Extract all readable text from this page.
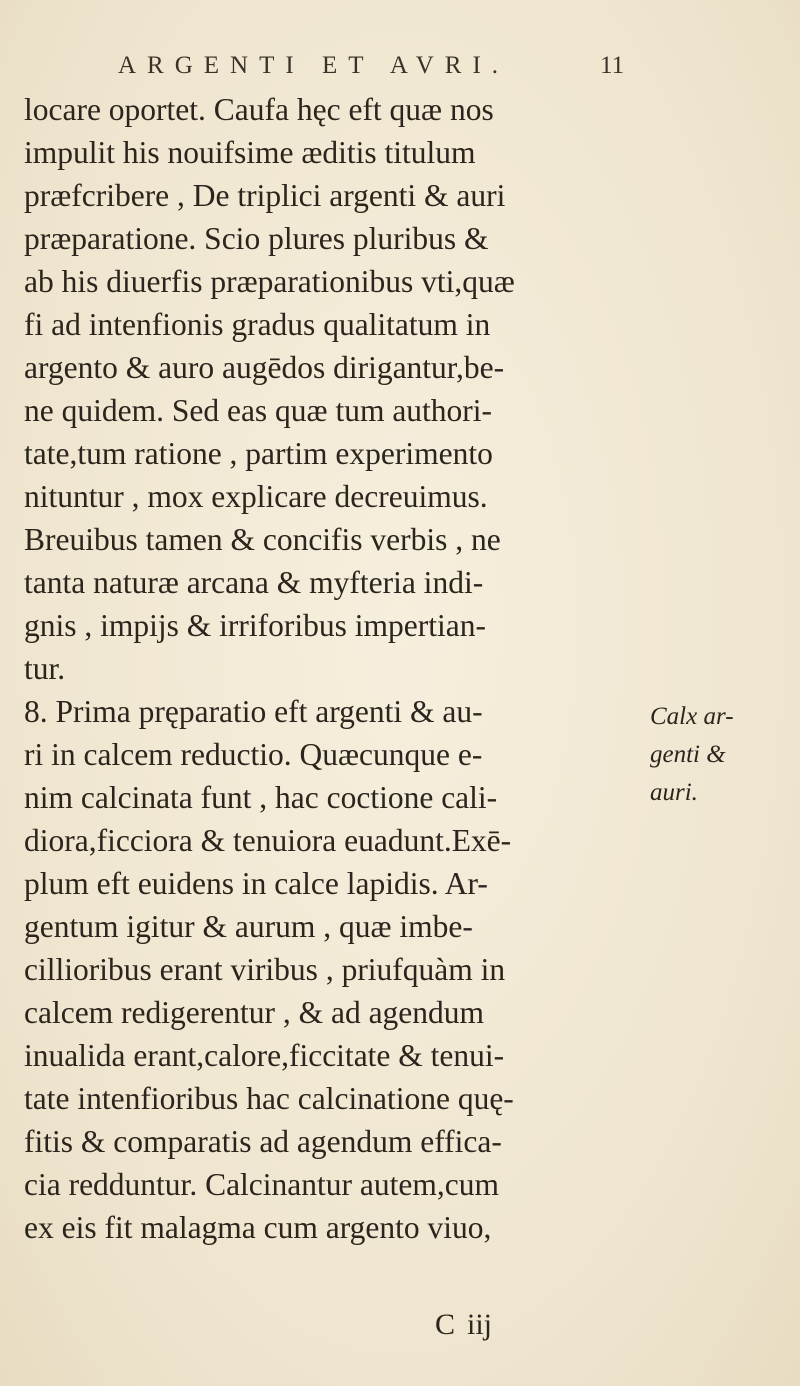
ARGENTI ET AVRI.	11
locare oportet. Caufa hęc eft quæ nos
impulit his nouifsime æditis titulum
præfcribere , De triplici argenti & auri
præparatione. Scio plures pluribus &
ab his diuerfis præparationibus vti,quæ
fi ad intenfionis gradus qualitatum in
argento & auro augēdos dirigantur,be-
ne quidem. Sed eas quæ tum authori-
tate,tum ratione , partim experimento
nituntur , mox explicare decreuimus.
Breuibus tamen & concifis verbis , ne
tanta naturæ arcana & myfteria indi-
gnis , impijs & irriforibus impertian-
tur.
8. Prima pręparatio eft argenti & au-
ri in calcem reductio. Quæcunque e-
nim calcinata funt , hac coctione cali-
diora,ficciora & tenuiora euadunt.Exē-
plum eft euidens in calce lapidis. Ar-
gentum igitur & aurum , quæ imbe-
cillioribus erant viribus , priufquàm in
calcem redigerentur , & ad agendum
inualida erant,calore,ficcitate & tenui-
tate intenfioribus hac calcinatione quę-
fitis & comparatis ad agendum effica-
cia redduntur. Calcinantur autem,cum
ex eis fit malagma cum argento viuo,
Calx ar-
genti &
auri.
C iij
